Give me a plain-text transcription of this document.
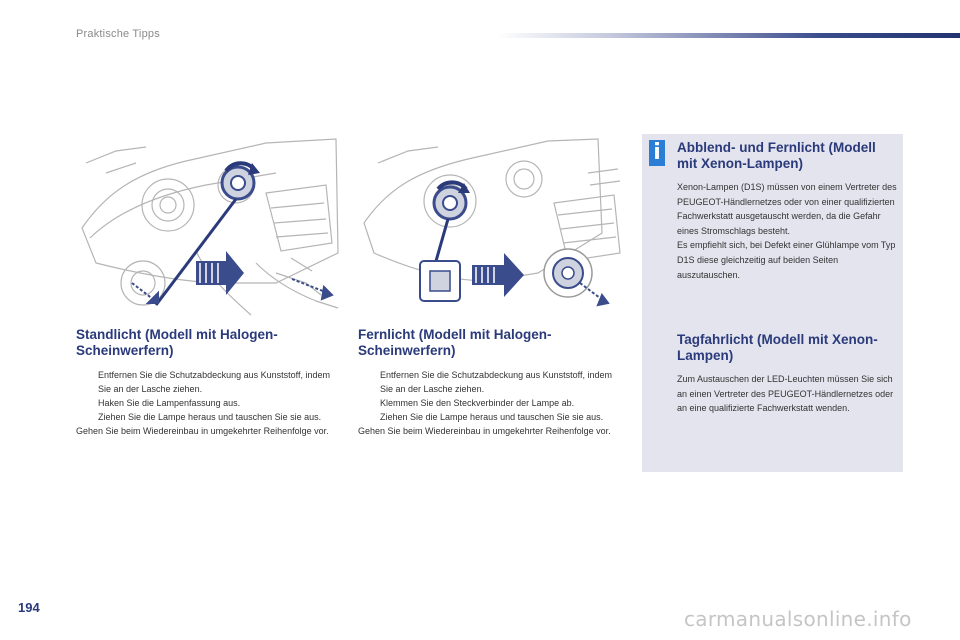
Praktische Tipps
Standlicht (Modell mit Halogen-Scheinwerfern)

Entfernen Sie die Schutzabdeckung aus Kunststoff, indem Sie an der Lasche ziehen.

Haken Sie die Lampenfassung aus.

Ziehen Sie die Lampe heraus und tauschen Sie sie aus.

Gehen Sie beim Wiedereinbau in umgekehrter Reihenfolge vor.

Fernlicht (Modell mit Halogen-Scheinwerfern)

Entfernen Sie die Schutzabdeckung aus Kunststoff, indem Sie an der Lasche ziehen.

Klemmen Sie den Steckverbinder der Lampe ab.

Ziehen Sie die Lampe heraus und tauschen Sie sie aus.

Gehen Sie beim Wiedereinbau in umgekehrter Reihenfolge vor.

i	Abblend- und Fernlicht (Modell mit Xenon-Lampen)

Xenon-Lampen (D1S) müssen von einem Vertreter des PEUGEOT-Händlernetzes oder von einer qualifizierten Fachwerkstatt ausgetauscht werden, da die Gefahr eines Stromschlags besteht.

Es empfiehlt sich, bei Defekt einer Glühlampe vom Typ D1S diese gleichzeitig auf beiden Seiten auszutauschen.

Tagfahrlicht (Modell mit Xenon-Lampen)

Zum Austauschen der LED-Leuchten müssen Sie sich an einen Vertreter des PEUGEOT-Händlernetzes oder an eine qualifizierte Fachwerkstatt wenden.

194	carmanualsonline.info
